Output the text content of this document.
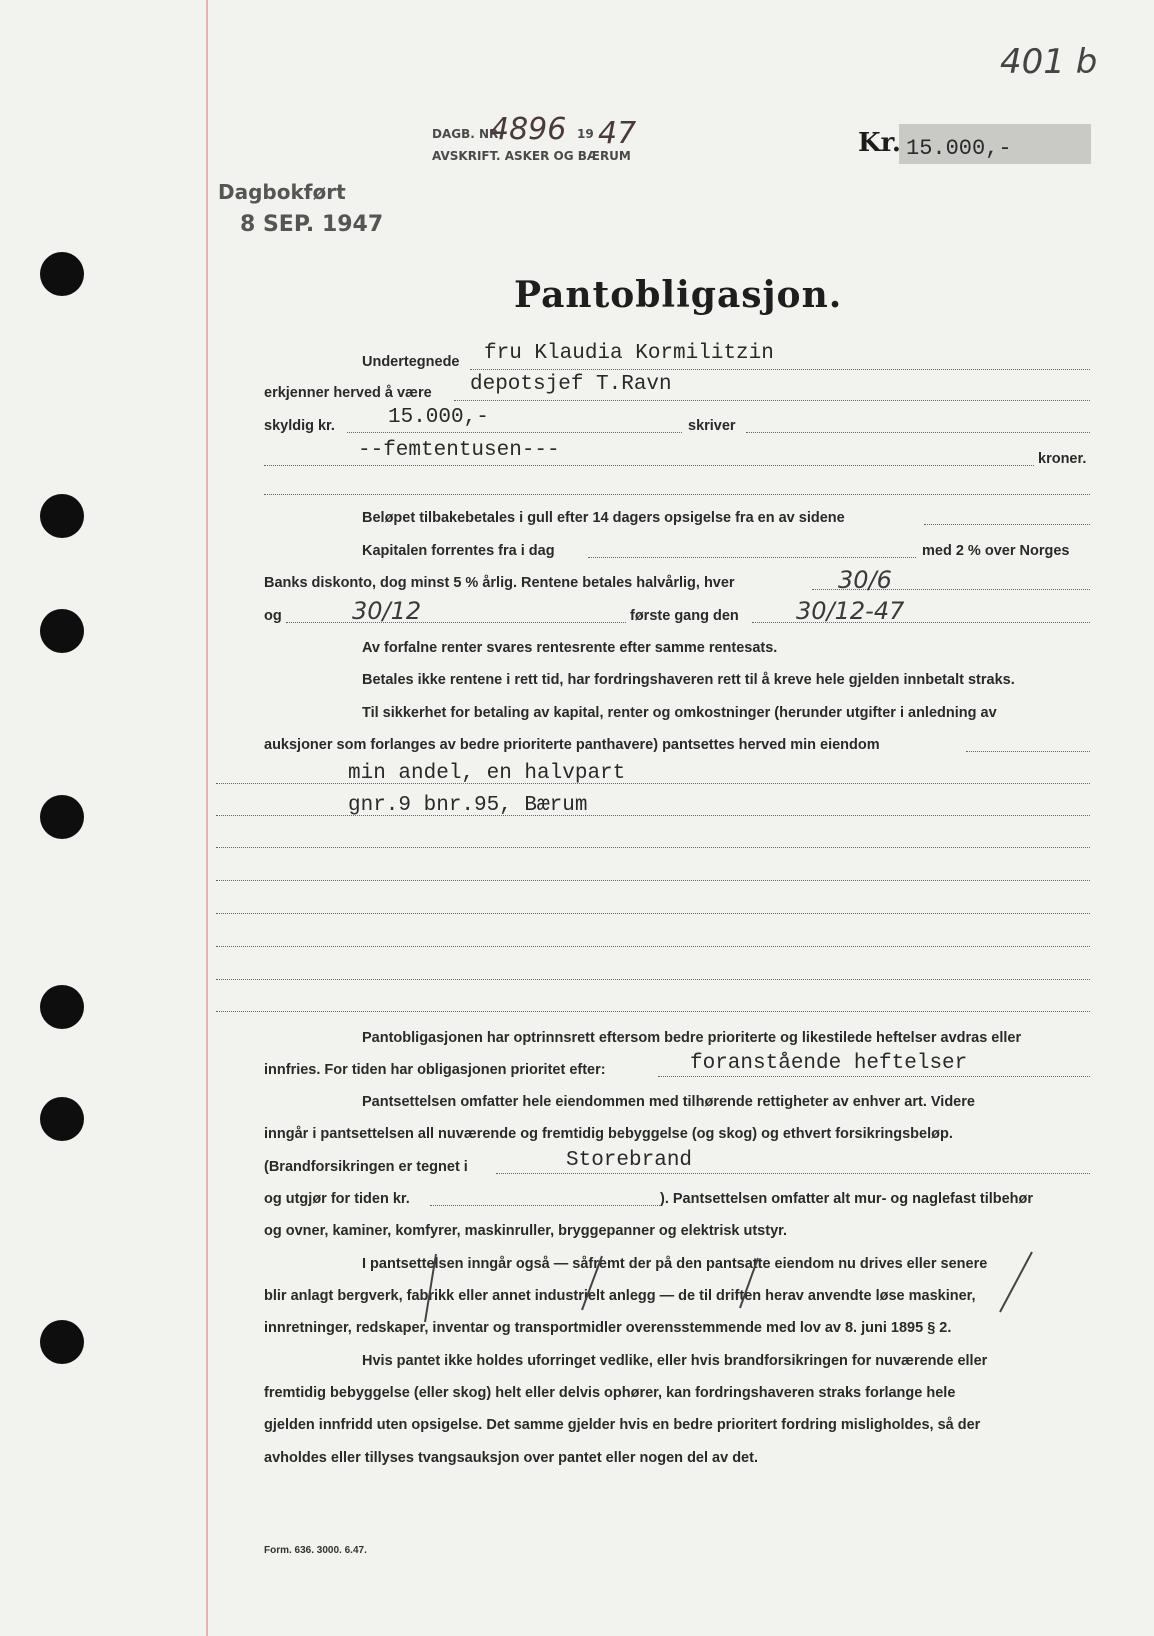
DAGB. NR.
4896 19 47
AVSKRIFT. ASKER OG BÆRUM	Kr. 15.000,-
401 b
Dagbokført
8 SEP. 1947
Pantobligasjon.
Undertegnede fru Klaudia Kormilitzin
erkjenner herved å være depotsjef T.Ravn
skyldig kr.	15.000,-	skriver
--femtentusen---	kroner.
Beløpet tilbakebetales i gull efter 14 dagers opsigelse fra en av sidene
Kapitalen forrentes fra i dag	med 2 % over Norges
Banks diskonto, dog minst 5 % årlig. Rentene betales halvårlig, hver	30/6
og	30/12	første gang den 30/12-47
Av forfalne renter svares rentesrente efter samme rentesats.
Betales ikke rentene i rett tid, har fordringshaveren rett til å kreve hele gjelden innbetalt straks.
Til sikkerhet for betaling av kapital, renter og omkostninger (herunder utgifter i anledning av
auksjoner som forlanges av bedre prioriterte panthavere) pantsettes herved min eiendom
min andel, en halvpart
gnr.9 bnr.95, Bærum
Pantobligasjonen har optrinnsrett eftersom bedre prioriterte og likestilede heftelser avdras eller
innfries. For tiden har obligasjonen prioritet efter:	foranstående heftelser
Pantsettelsen omfatter hele eiendommen med tilhørende rettigheter av enhver art. Videre
inngår i pantsettelsen all nuværende og fremtidig bebyggelse (og skog) og ethvert forsikringsbeløp.
(Brandforsikringen er tegnet i	Storebrand
og utgjør for tiden kr.	). Pantsettelsen omfatter alt mur- og naglefast tilbehør
og ovner, kaminer, komfyrer, maskinruller, bryggepanner og elektrisk utstyr.
I pantsettelsen inngår også — såfremt der på den pantsatte eiendom nu drives eller senere
blir anlagt bergverk, fabrikk eller annet industrielt anlegg — de til driften herav anvendte løse maskiner,
innretninger, redskaper, inventar og transportmidler overensstemmende med lov av 8. juni 1895 § 2.
Hvis pantet ikke holdes uforringet vedlike, eller hvis brandforsikringen for nuværende eller
fremtidig bebyggelse (eller skog) helt eller delvis ophører, kan fordringshaveren straks forlange hele
gjelden innfridd uten opsigelse. Det samme gjelder hvis en bedre prioritert fordring misligholdes, så der
avholdes eller tillyses tvangsauksjon over pantet eller nogen del av det.
Form. 636. 3000. 6.47.
